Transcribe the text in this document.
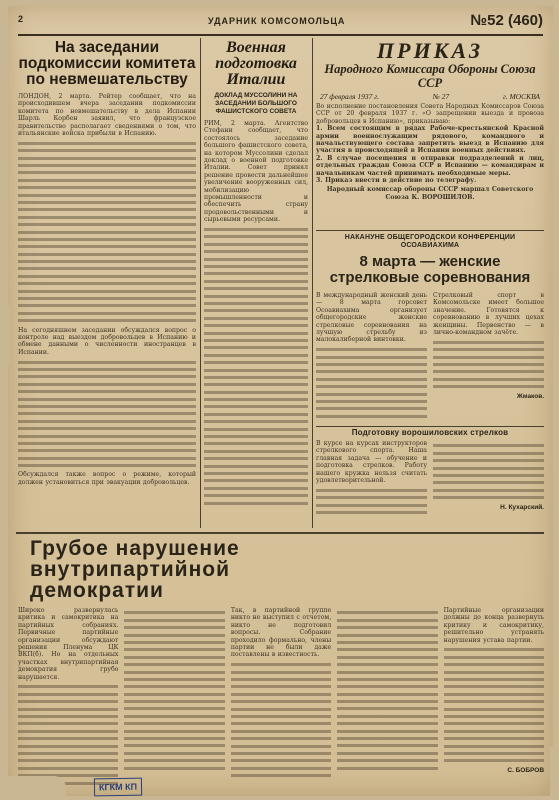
2	УДАРНИК КОМСОМОЛЬЦА	№52 (460)
На заседании подкомиссии комитета по невмешательству
ЛОНДОН, 2 марта. Рейтер сообщает, что на происходившем вчера заседании подкомиссии комитета по невмешательству в дела Испании Шарль Корбен заявил, что французское правительство располагает сведениями о том, что итальянские войска прибыли в Испанию.
На сегодняшнем заседании обсуждался вопрос о контроле над выездом добровольцев в Испанию и обмене данными о численности иностранцев в Испании.
Обсуждался также вопрос о режиме, который должен установиться при эвакуации добровольцев.
Военная подготовка Италии
ДОКЛАД МУССОЛИНИ НА ЗАСЕДАНИИ БОЛЬШОГО ФАШИСТСКОГО СОВЕТА
РИМ, 2 марта. Агентство Стефани сообщает, что состоялось заседание большого фашистского совета, на котором Муссолини сделал доклад о военной подготовке Италии. Совет принял решение провести дальнейшее увеличение вооруженных сил, мобилизацию промышленности и обеспечить страну продовольственными и сырьевыми ресурсами.
ПРИКАЗ
Народного Комиссара Обороны Союза ССР
27 февраля 1937 г.	№ 27	г. МОСКВА
Во исполнение постановления Совета Народных Комиссаров Союза ССР от 20 февраля 1937 г. «О запрещении выезда и провоза добровольцев в Испанию», приказываю:
1. Всем состоящим в рядах Рабоче-крестьянской Красной армии военнослужащим рядового, командного и начальствующего состава запретить выезд в Испанию для участия в происходящей в Испании военных действиях.
2. В случае посещения и отправки подразделений и лиц, отдельных граждан Союза ССР в Испанию — командирам и начальникам частей принимать необходимые меры.
3. Приказ ввести в действие по телеграфу.
Народный комиссар обороны СССР маршал Советского Союза К. ВОРОШИЛОВ.
НАКАНУНЕ ОБЩЕГОРОДСКОЙ КОНФЕРЕНЦИИ ОСОАВИАХИМА
8 марта — женские стрелковые соревнования
В международный женский день — 8 марта горсовет Осоавиахима организует общегородские женские стрелковые соревнования на лучшую стрельбу из малокалиберной винтовки.
Стрелковый спорт в Комсомольске имеет большое значение. Готовятся к соревнованию в лучших цехах женщины. Первенство — в лично-командном зачёте.
Жмаков.
Подготовку ворошиловских стрелков
В курсе на курсах инструкторов стрелкового спорта. Наша главная задача — обучение и подготовка стрелков. Работу нашего кружка нельзя считать удовлетворительной.
Н. Кухарский.
Грубое нарушение внутрипартийной демократии
Широко развернулась критика и самокритика на партийных собраниях. Первичные партийные организации обсуждают решения Пленума ЦК ВКП(б). Но на отдельных участках внутрипартийная демократия грубо нарушается.
Так, в партийной группе никто не выступил с отчетом, никто не подготовил вопросы. Собрание проходило формально, члены партии не были даже поставлены в известность.
Партийные организации должны до конца развернуть критику и самокритику, решительно устранять нарушения устава партии.
С. БОБРОВ
КГКМ КП
